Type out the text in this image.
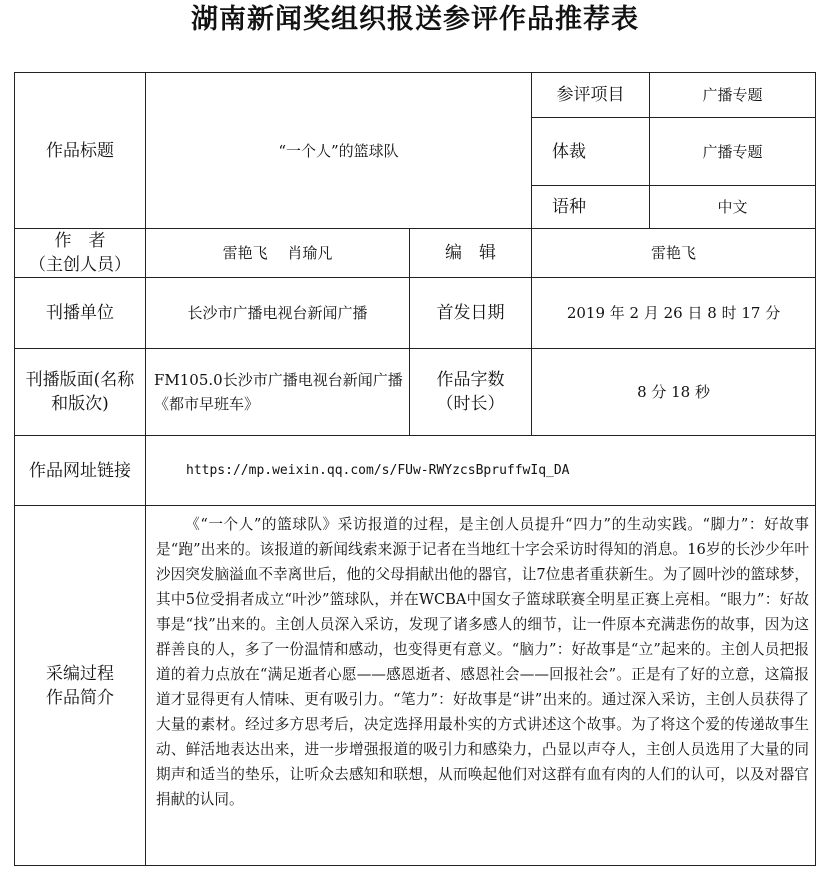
湖南新闻奖组织报送参评作品推荐表
作品标题	“一个人”的篮球队		参评项目	广播专题
			体裁	广播专题
			语种	中文

作　者
（主创人员）	雷艳飞　 肖瑜凡	编　辑	雷艳飞	
刊播单位	长沙市广播电视台新闻广播	首发日期	2019 年 2 月 26 日 8 时 17 分	
刊播版面(名称和版次)	FM105.0长沙市广播电视台新闻广播《都市早班车》	作品字数
（时长）	8 分 18 秒	
作品网址链接	https://mp.weixin.qq.com/s/FUw-RWYzcsBpruffwIq_DA			

采编过程
作品简介	《“一个人”的篮球队》采访报道的过程，是主创人员提升“四力”的生动实践。“脚力”：好故事是“跑”出来的。该报道的新闻线索来源于记者在当地红十字会采访时得知的消息。16岁的长沙少年叶沙因突发脑溢血不幸离世后，他的父母捐献出他的器官，让7位患者重获新生。为了圆叶沙的篮球梦，其中5位受捐者成立“叶沙”篮球队，并在WCBA中国女子篮球联赛全明星正赛上亮相。“眼力”：好故事是“找”出来的。主创人员深入采访，发现了诸多感人的细节，让一件原本充满悲伤的故事，因为这群善良的人，多了一份温情和感动，也变得更有意义。“脑力”：好故事是“立”起来的。主创人员把报道的着力点放在“满足逝者心愿——感恩逝者、感恩社会——回报社会”。正是有了好的立意，这篇报道才显得更有人情味、更有吸引力。“笔力”：好故事是“讲”出来的。通过深入采访，主创人员获得了大量的素材。经过多方思考后，决定选择用最朴实的方式讲述这个故事。为了将这个爱的传递故事生动、鲜活地表达出来，进一步增强报道的吸引力和感染力，凸显以声夺人，主创人员选用了大量的同期声和适当的垫乐，让听众去感知和联想，从而唤起他们对这群有血有肉的人们的认可，以及对器官捐献的认同。			
